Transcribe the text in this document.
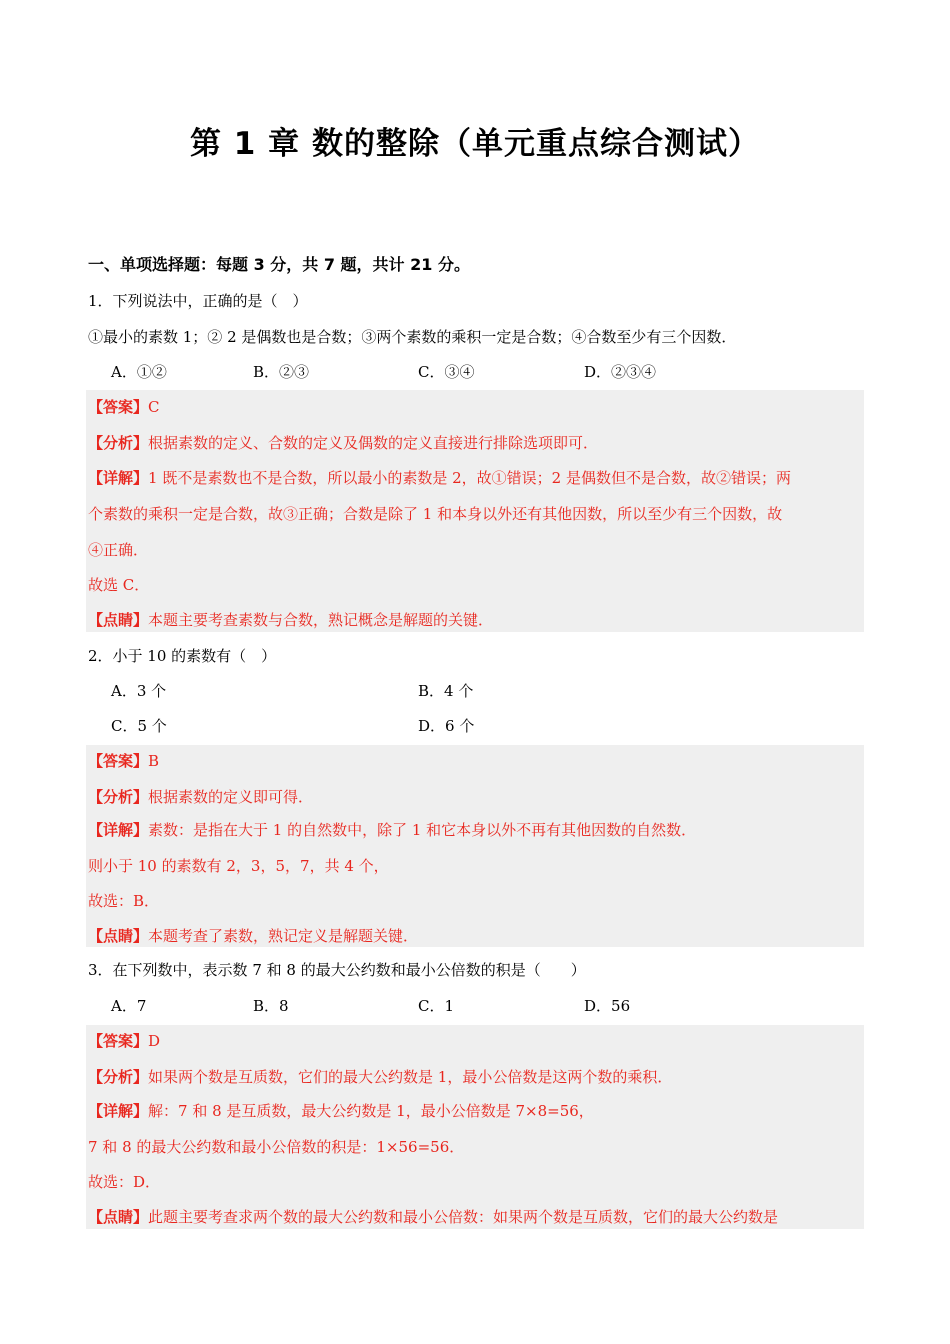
第 1 章 数的整除（单元重点综合测试）
一、单项选择题：每题 3 分，共 7 题，共计 21 分。
1．下列说法中，正确的是（　）
①最小的素数 1；② 2 是偶数也是合数；③两个素数的乘积一定是合数；④合数至少有三个因数．
A．①②	B．②③	C．③④	D．②③④
【答案】C
【分析】根据素数的定义、合数的定义及偶数的定义直接进行排除选项即可．
【详解】1 既不是素数也不是合数，所以最小的素数是 2，故①错误；2 是偶数但不是合数，故②错误；两
个素数的乘积一定是合数，故③正确；合数是除了 1 和本身以外还有其他因数，所以至少有三个因数，故
④正确．
故选 C．
【点睛】本题主要考查素数与合数，熟记概念是解题的关键．
2．小于 10 的素数有（　）
A．3 个	B．4 个
C．5 个	D．6 个
【答案】B
【分析】根据素数的定义即可得．
【详解】素数：是指在大于 1 的自然数中，除了 1 和它本身以外不再有其他因数的自然数．
则小于 10 的素数有 2，3，5，7，共 4 个，
故选：B．
【点睛】本题考查了素数，熟记定义是解题关键．
3．在下列数中，表示数 7 和 8 的最大公约数和最小公倍数的积是（　　）
A．7	B．8	C．1	D．56
【答案】D
【分析】如果两个数是互质数，它们的最大公约数是 1，最小公倍数是这两个数的乘积．
【详解】解：7 和 8 是互质数，最大公约数是 1，最小公倍数是 7×8=56，
7 和 8 的最大公约数和最小公倍数的积是：1×56=56．
故选：D．
【点睛】此题主要考查求两个数的最大公约数和最小公倍数：如果两个数是互质数，它们的最大公约数是
